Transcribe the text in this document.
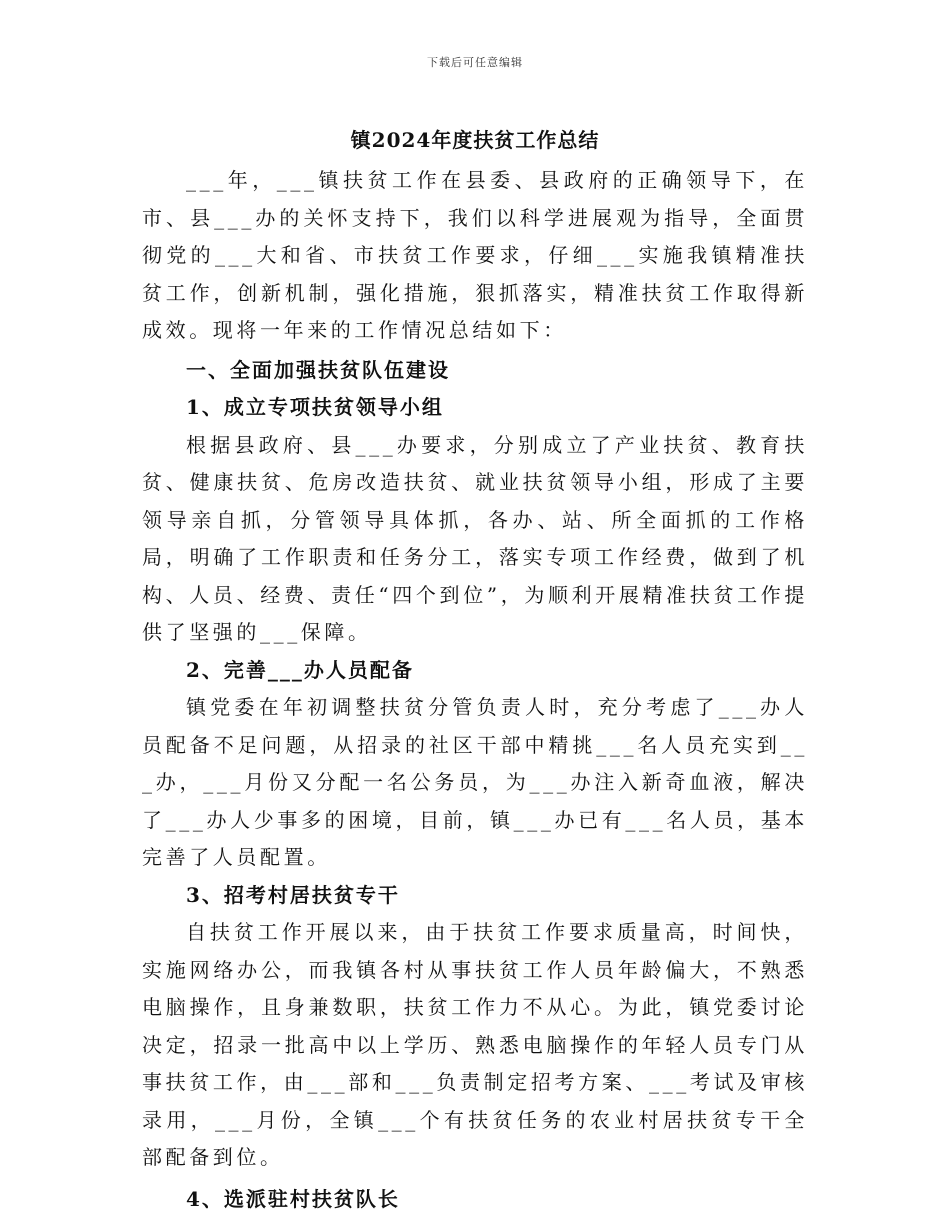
下载后可任意编辑
镇2024年度扶贫工作总结

___年，___镇扶贫工作在县委、县政府的正确领导下，在市、县___办的关怀支持下，我们以科学进展观为指导，全面贯彻党的___大和省、市扶贫工作要求，仔细___实施我镇精准扶贫工作，创新机制，强化措施，狠抓落实，精准扶贫工作取得新成效。现将一年来的工作情况总结如下：

一、全面加强扶贫队伍建设

1、成立专项扶贫领导小组

根据县政府、县___办要求，分别成立了产业扶贫、教育扶贫、健康扶贫、危房改造扶贫、就业扶贫领导小组，形成了主要领导亲自抓，分管领导具体抓，各办、站、所全面抓的工作格局，明确了工作职责和任务分工，落实专项工作经费，做到了机构、人员、经费、责任“四个到位”，为顺利开展精准扶贫工作提供了坚强的___保障。

2、完善___办人员配备

镇党委在年初调整扶贫分管负责人时，充分考虑了___办人员配备不足问题，从招录的社区干部中精挑___名人员充实到___办，___月份又分配一名公务员，为___办注入新奇血液，解决了___办人少事多的困境，目前，镇___办已有___名人员，基本完善了人员配置。

3、招考村居扶贫专干

自扶贫工作开展以来，由于扶贫工作要求质量高，时间快，实施网络办公，而我镇各村从事扶贫工作人员年龄偏大，不熟悉电脑操作，且身兼数职，扶贫工作力不从心。为此，镇党委讨论决定，招录一批高中以上学历、熟悉电脑操作的年轻人员专门从事扶贫工作，由___部和___负责制定招考方案、___考试及审核录用，___月份，全镇___个有扶贫任务的农业村居扶贫专干全部配备到位。

4、选派驻村扶贫队长
